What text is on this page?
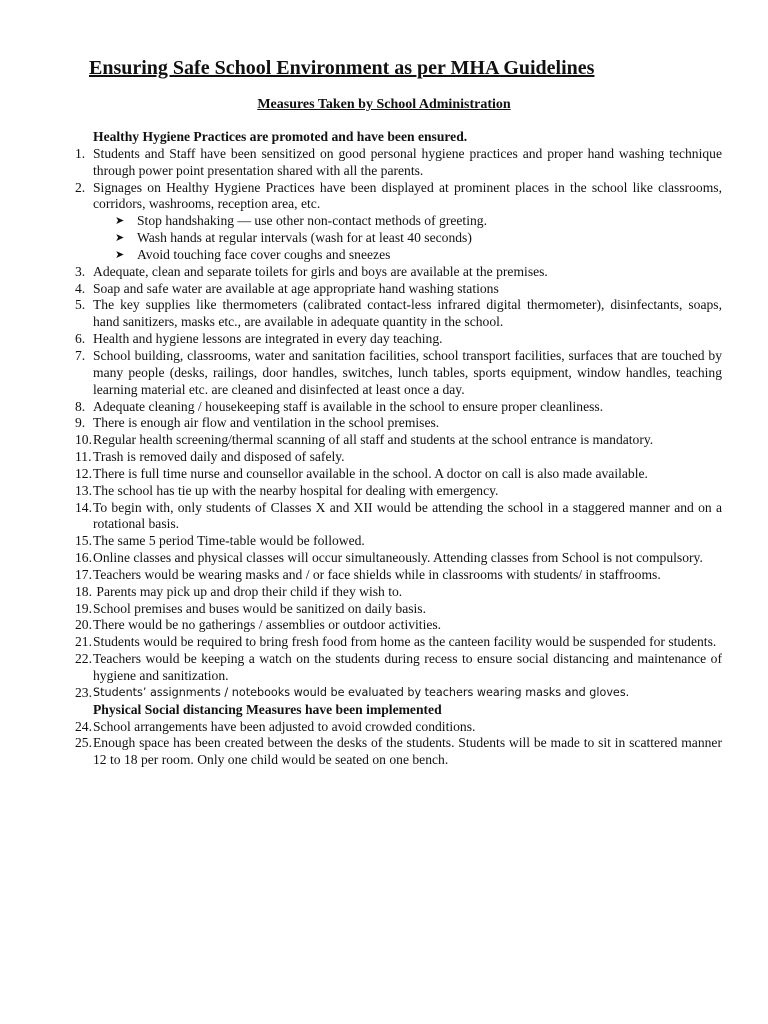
Ensuring Safe School Environment as per MHA Guidelines
Measures Taken by School Administration
Healthy Hygiene Practices are promoted and have been ensured.
1. Students and Staff have been sensitized on good personal hygiene practices and proper hand washing technique through power point presentation shared with all the parents.
2. Signages on Healthy Hygiene Practices have been displayed at prominent places in the school like classrooms, corridors, washrooms, reception area, etc.
➤ Stop handshaking — use other non-contact methods of greeting.
➤ Wash hands at regular intervals (wash for at least 40 seconds)
➤ Avoid touching face cover coughs and sneezes
3. Adequate, clean and separate toilets for girls and boys are available at the premises.
4. Soap and safe water are available at age appropriate hand washing stations
5. The key supplies like thermometers (calibrated contact-less infrared digital thermometer), disinfectants, soaps, hand sanitizers, masks etc., are available in adequate quantity in the school.
6. Health and hygiene lessons are integrated in every day teaching.
7. School building, classrooms, water and sanitation facilities, school transport facilities, surfaces that are touched by many people (desks, railings, door handles, switches, lunch tables, sports equipment, window handles, teaching learning material etc. are cleaned and disinfected at least once a day.
8. Adequate cleaning / housekeeping staff is available in the school to ensure proper cleanliness.
9. There is enough air flow and ventilation in the school premises.
10. Regular health screening/thermal scanning of all staff and students at the school entrance is mandatory.
11. Trash is removed daily and disposed of safely.
12. There is full time nurse and counsellor available in the school. A doctor on call is also made available.
13. The school has tie up with the nearby hospital for dealing with emergency.
14. To begin with, only students of Classes X and XII would be attending the school in a staggered manner and on a rotational basis.
15. The same 5 period Time-table would be followed.
16. Online classes and physical classes will occur simultaneously. Attending classes from School is not compulsory.
17. Teachers would be wearing masks and / or face shields while in classrooms with students/ in staffrooms.
18. Parents may pick up and drop their child if they wish to.
19. School premises and buses would be sanitized on daily basis.
20. There would be no gatherings / assemblies or outdoor activities.
21. Students would be required to bring fresh food from home as the canteen facility would be suspended for students.
22. Teachers would be keeping a watch on the students during recess to ensure social distancing and maintenance of hygiene and sanitization.
23. Students’ assignments / notebooks would be evaluated by teachers wearing masks and gloves.
Physical Social distancing Measures have been implemented
24. School arrangements have been adjusted to avoid crowded conditions.
25. Enough space has been created between the desks of the students. Students will be made to sit in scattered manner 12 to 18 per room. Only one child would be seated on one bench.
